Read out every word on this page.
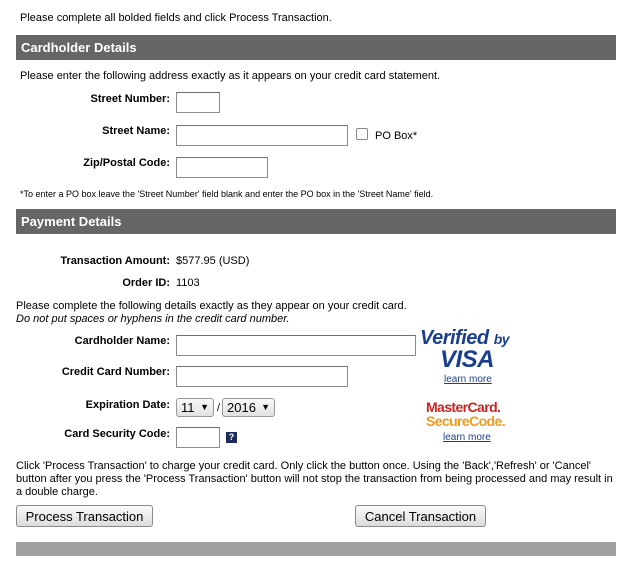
Please complete all bolded fields and click Process Transaction.
Cardholder Details
Please enter the following address exactly as it appears on your credit card statement.
Street Number:
Street Name:	PO Box*
Zip/Postal Code:
*To enter a PO box leave the 'Street Number' field blank and enter the PO box in the 'Street Name' field.
Payment Details
Transaction Amount: $577.95 (USD)
Order ID: 1103
Please complete the following details exactly as they appear on your credit card.
Do not put spaces or hyphens in the credit card number.
Cardholder Name:
Credit Card Number:
Expiration Date: 11 ▼ / 2016 ▼
Card Security Code:	?
Verified by
VISA
learn more
MasterCard.
SecureCode.
learn more
Click 'Process Transaction' to charge your credit card. Only click the button once. Using the 'Back','Refresh' or 'Cancel' button after you press the 'Process Transaction' button will not stop the transaction from being processed and may result in a double charge.
Process Transaction	Cancel Transaction
